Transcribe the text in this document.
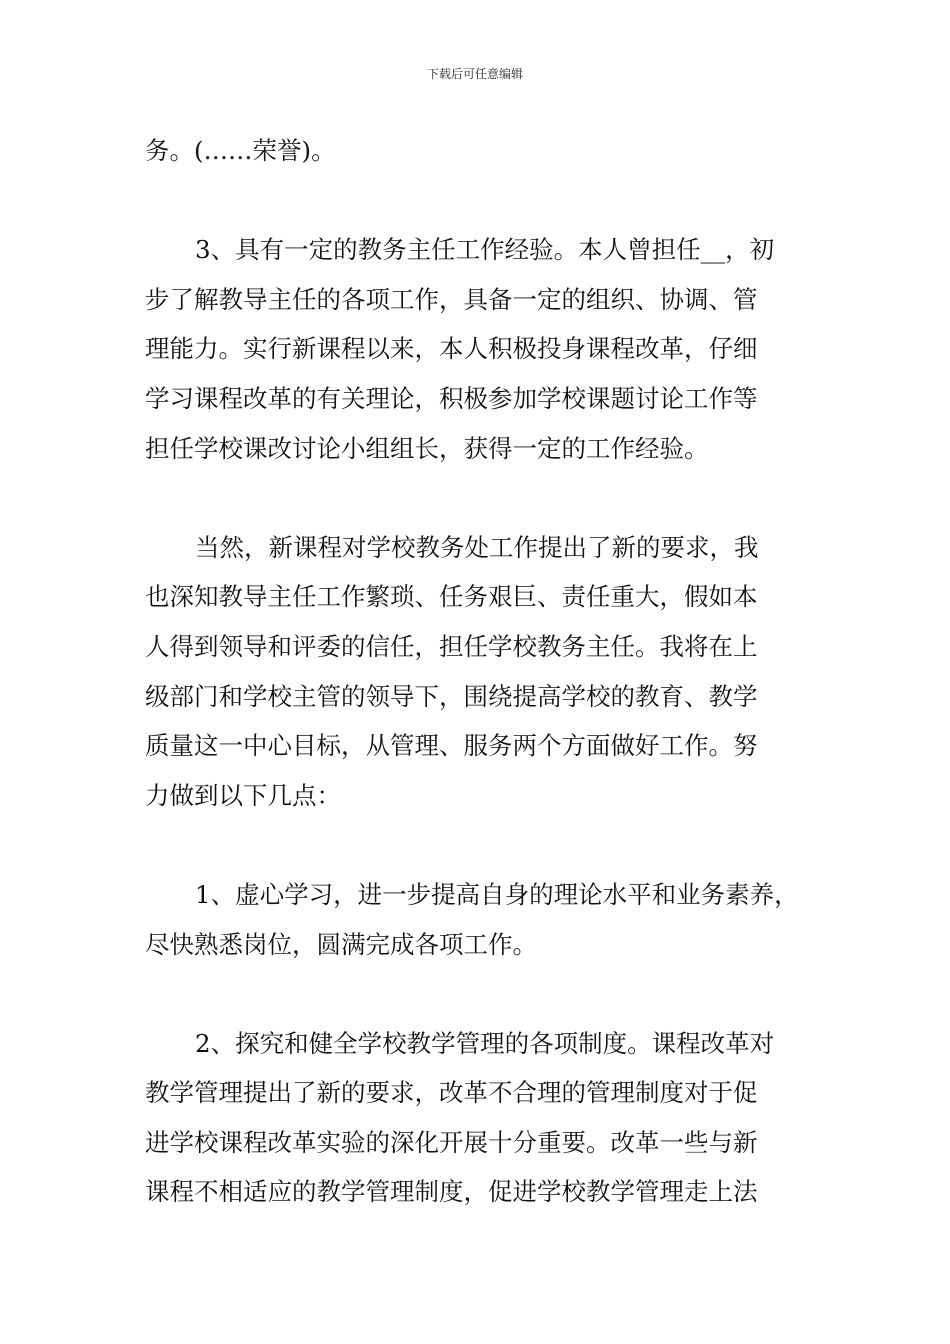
下载后可任意编辑
务。(……荣誉)。
3、具有一定的教务主任工作经验。本人曾担任__，初
步了解教导主任的各项工作，具备一定的组织、协调、管
理能力。实行新课程以来，本人积极投身课程改革，仔细
学习课程改革的有关理论，积极参加学校课题讨论工作等
担任学校课改讨论小组组长，获得一定的工作经验。
当然，新课程对学校教务处工作提出了新的要求，我
也深知教导主任工作繁琐、任务艰巨、责任重大，假如本
人得到领导和评委的信任，担任学校教务主任。我将在上
级部门和学校主管的领导下，围绕提高学校的教育、教学
质量这一中心目标，从管理、服务两个方面做好工作。努
力做到以下几点：
1、虚心学习，进一步提高自身的理论水平和业务素养，
尽快熟悉岗位，圆满完成各项工作。
2、探究和健全学校教学管理的各项制度。课程改革对
教学管理提出了新的要求，改革不合理的管理制度对于促
进学校课程改革实验的深化开展十分重要。改革一些与新
课程不相适应的教学管理制度，促进学校教学管理走上法
